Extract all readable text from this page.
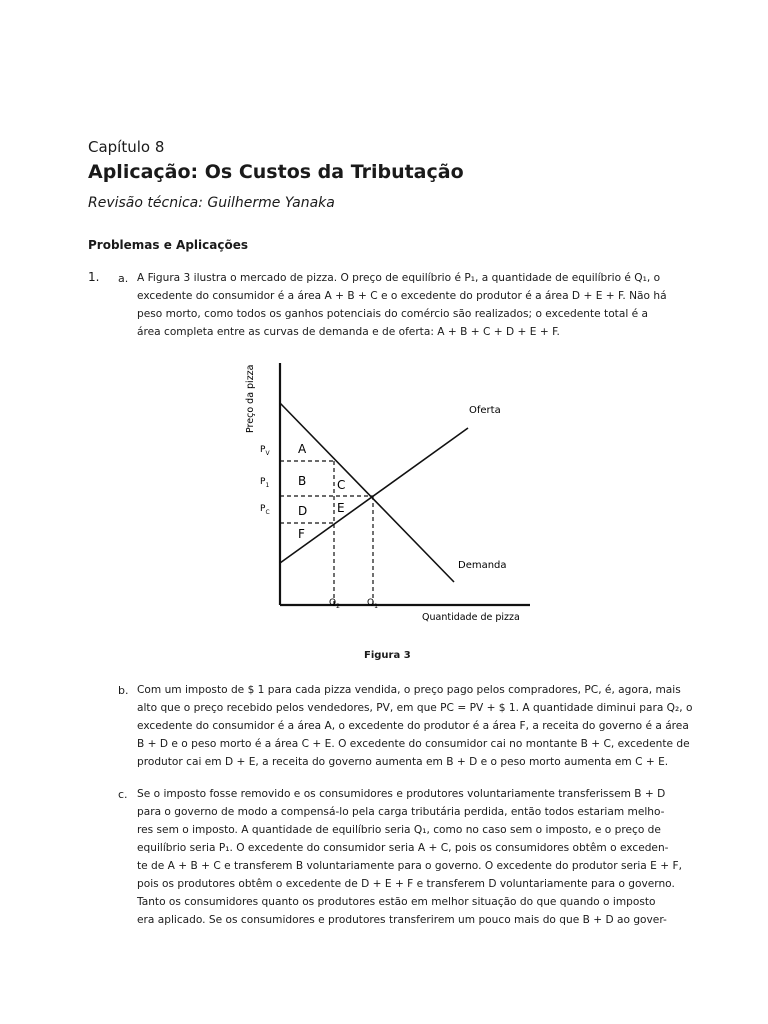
Capítulo 8
Aplicação: Os Custos da Tributação
Revisão técnica: Guilherme Yanaka
Problemas e Aplicações
1. a. A Figura 3 ilustra o mercado de pizza. O preço de equilíbrio é P₁, a quantidade de equilíbrio é Q₁, o
excedente do consumidor é a área A + B + C e o excedente do produtor é a área D + E + F. Não há
peso morto, como todos os ganhos potenciais do comércio são realizados; o excedente total é a
área completa entre as curvas de demanda e de oferta: A + B + C + D + E + F.
Preço da pizza
Quantidade de pizza
Oferta
Demanda
$P_V$
$P_1$
$P_C$
$Q_2$	$Q_1$
A
B	C
D E
F
Figura 3
b. Com um imposto de $ 1 para cada pizza vendida, o preço pago pelos compradores, PC, é, agora, mais
alto que o preço recebido pelos vendedores, PV, em que PC = PV + $ 1. A quantidade diminui para Q₂, o
excedente do consumidor é a área A, o excedente do produtor é a área F, a receita do governo é a área
B + D e o peso morto é a área C + E. O excedente do consumidor cai no montante B + C, excedente de
produtor cai em D + E, a receita do governo aumenta em B + D e o peso morto aumenta em C + E.
c. Se o imposto fosse removido e os consumidores e produtores voluntariamente transferissem B + D
para o governo de modo a compensá-lo pela carga tributária perdida, então todos estariam melho-
res sem o imposto. A quantidade de equilíbrio seria Q₁, como no caso sem o imposto, e o preço de
equilíbrio seria P₁. O excedente do consumidor seria A + C, pois os consumidores obtêm o exceden-
te de A + B + C e transferem B voluntariamente para o governo. O excedente do produtor seria E + F,
pois os produtores obtêm o excedente de D + E + F e transferem D voluntariamente para o governo.
Tanto os consumidores quanto os produtores estão em melhor situação do que quando o imposto
era aplicado. Se os consumidores e produtores transferirem um pouco mais do que B + D ao gover-
